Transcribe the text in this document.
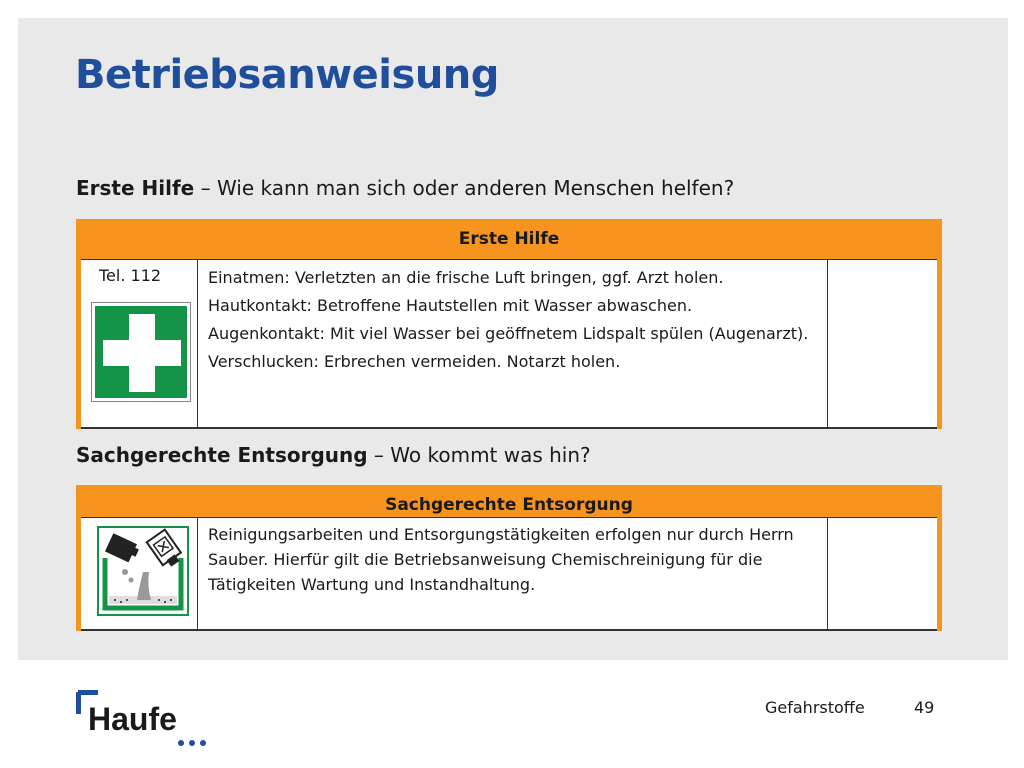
Betriebsanweisung
Erste Hilfe – Wie kann man sich oder anderen Menschen helfen?
Erste Hilfe
Tel. 112	Einatmen: Verletzten an die frische Luft bringen, ggf. Arzt holen.

Hautkontakt: Betroffene Hautstellen mit Wasser abwaschen.

Augenkontakt: Mit viel Wasser bei geöffnetem Lidspalt spülen (Augenarzt).

Verschlucken: Erbrechen vermeiden. Notarzt holen.

Sachgerechte Entsorgung – Wo kommt was hin?
Sachgerechte Entsorgung

Reinigungsarbeiten und Entsorgungstätigkeiten erfolgen nur durch Herrn Sauber. Hierfür gilt die Betriebsanweisung Chemischreinigung für die Tätigkeiten Wartung und Instandhaltung.

Haufe	Gefahrstoffe	49
